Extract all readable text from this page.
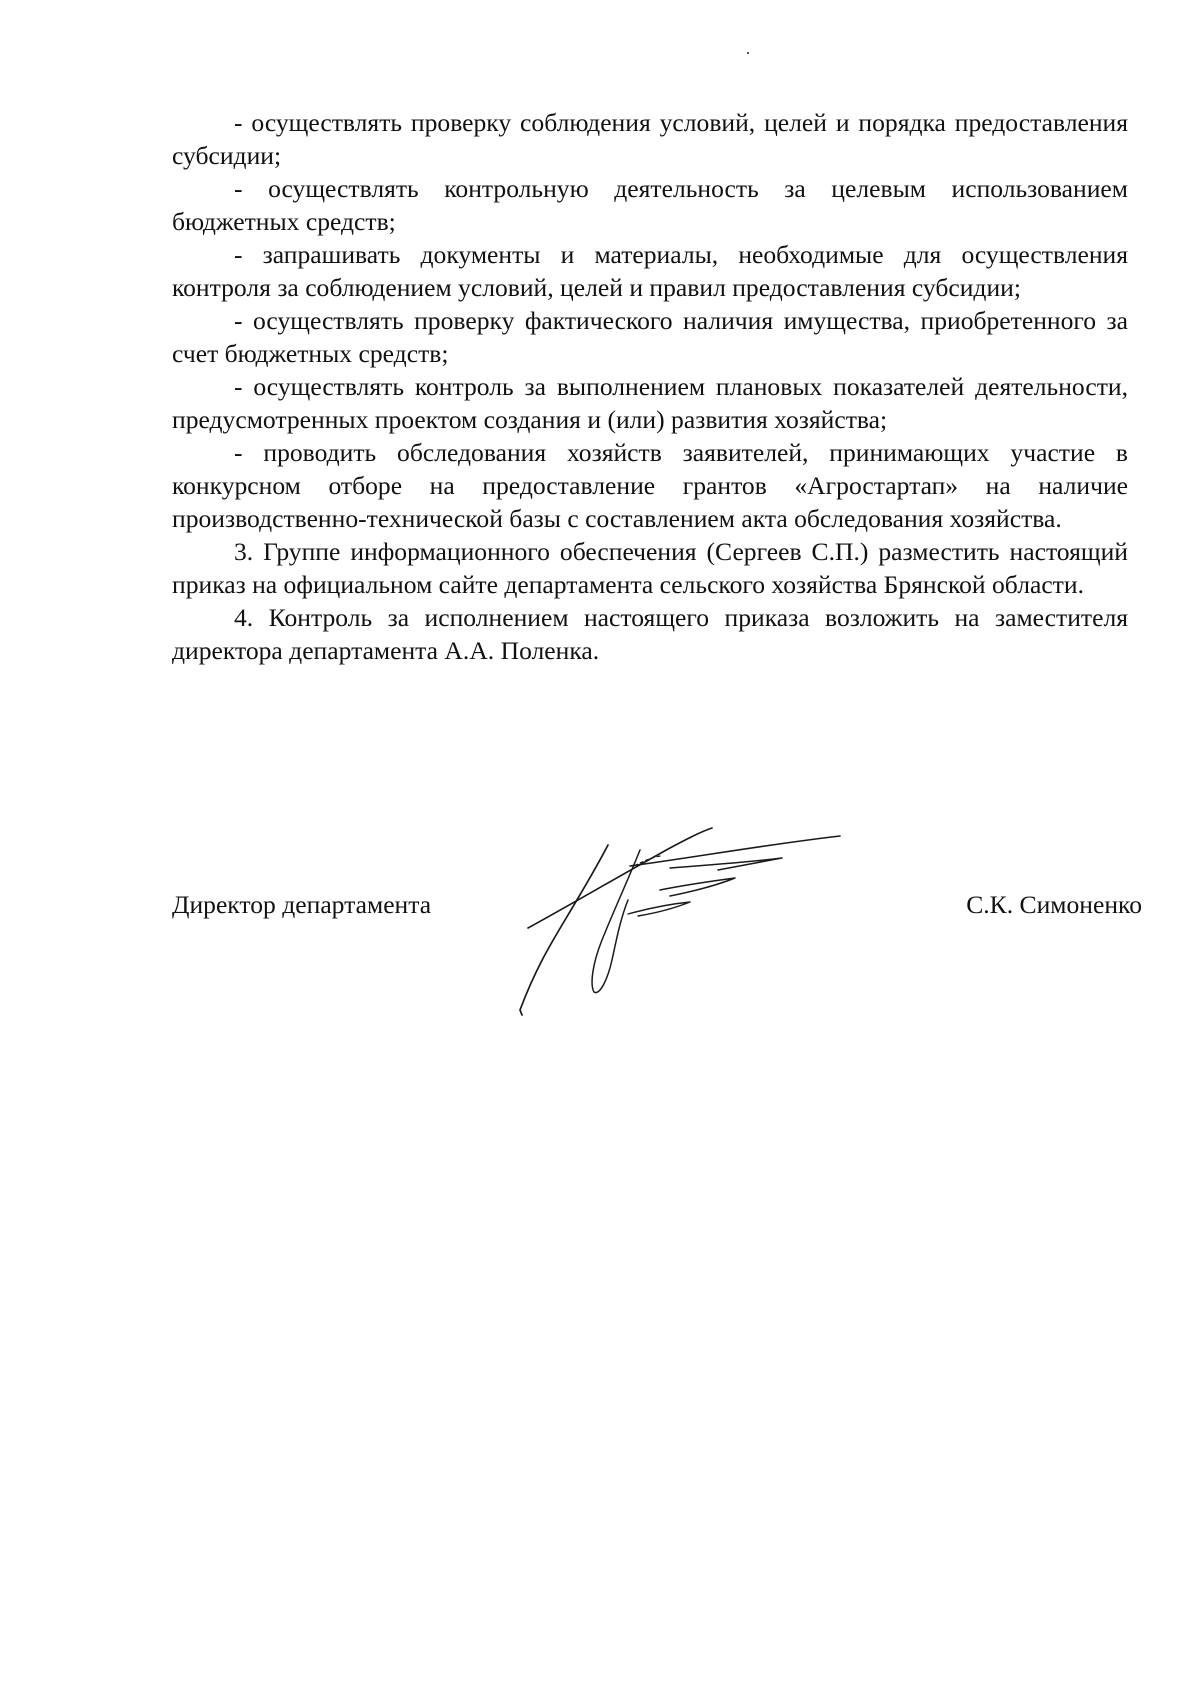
- осуществлять проверку соблюдения условий, целей и порядка предоставления субсидии;

- осуществлять контрольную деятельность за целевым использованием бюджетных средств;

- запрашивать документы и материалы, необходимые для осуществления контроля за соблюдением условий, целей и правил предоставления субсидии;

- осуществлять проверку фактического наличия имущества, приобретенного за счет бюджетных средств;

- осуществлять контроль за выполнением плановых показателей деятельности, предусмотренных проектом создания и (или) развития хозяйства;

- проводить обследования хозяйств заявителей, принимающих участие в конкурсном отборе на предоставление грантов «Агростартап» на наличие производственно-технической базы с составлением акта обследования хозяйства.

3. Группе информационного обеспечения (Сергеев С.П.) разместить настоящий приказ на официальном сайте департамента сельского хозяйства Брянской области.

4. Контроль за исполнением настоящего приказа возложить на заместителя директора департамента А.А. Поленка.

Директор департамента	С.К. Симоненко
